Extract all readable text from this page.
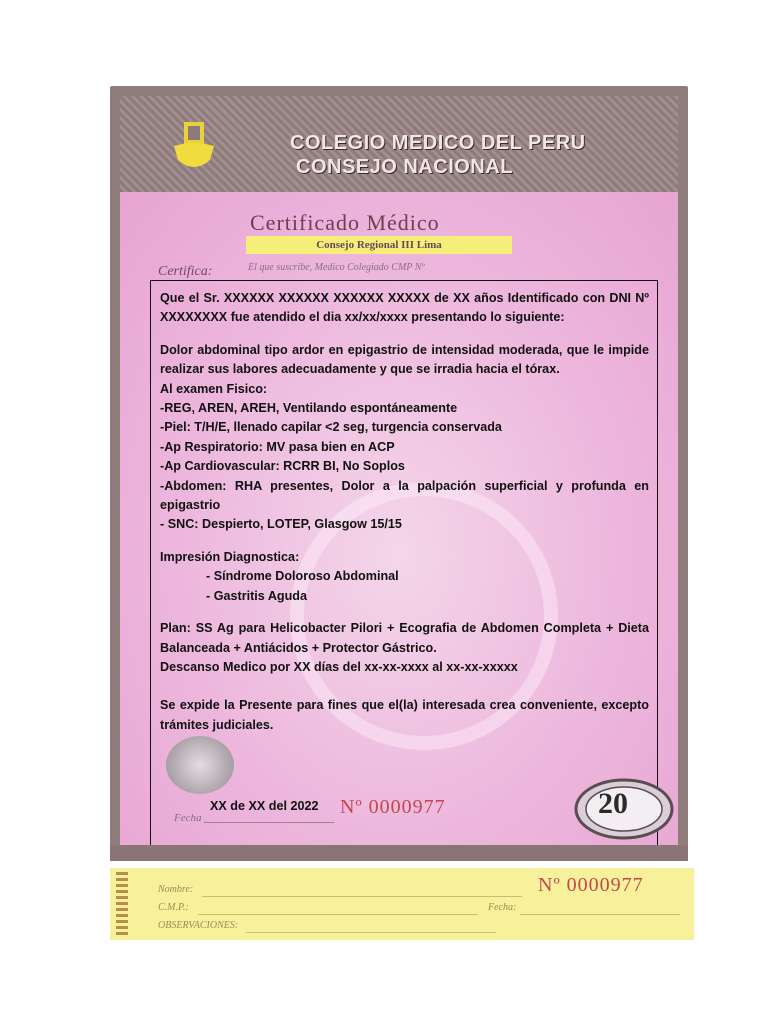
COLEGIO MEDICO DEL PERU
CONSEJO NACIONAL
Certificado Médico
Consejo Regional III Lima
El que suscribe, Medico Colegiado CMP Nº
Certifica:

Que el Sr. XXXXXX XXXXXX XXXXXX XXXXX de XX años Identificado con DNI Nº XXXXXXXX fue atendido el dia xx/xx/xxxx presentando lo siguiente:

Dolor abdominal tipo ardor en epigastrio de intensidad moderada, que le impide realizar sus labores adecuadamente y que se irradia hacia el tórax.

Al examen Fisico:

-REG, AREN, AREH, Ventilando espontáneamente

-Piel: T/H/E, llenado capilar <2 seg, turgencia conservada

-Ap Respiratorio: MV pasa bien en ACP

-Ap Cardiovascular: RCRR BI, No Soplos

-Abdomen: RHA presentes, Dolor a la palpación superficial y profunda en epigastrio

- SNC: Despierto, LOTEP, Glasgow 15/15

Impresión Diagnostica:

- Síndrome Doloroso Abdominal

- Gastritis Aguda

Plan: SS Ag para Helicobacter Pilori + Ecografia de Abdomen Completa + Dieta Balanceada + Antiácidos + Protector Gástrico.

Descanso Medico por XX días del xx-xx-xxxx al xx-xx-xxxxx

Se expide la Presente para fines que el(la) interesada crea conveniente, excepto trámites judiciales.

XX de XX del 2022
Fecha	Nº 0000977	20
Nombre:
C.M.P.:	Fecha:
OBSERVACIONES:
Nº 0000977
